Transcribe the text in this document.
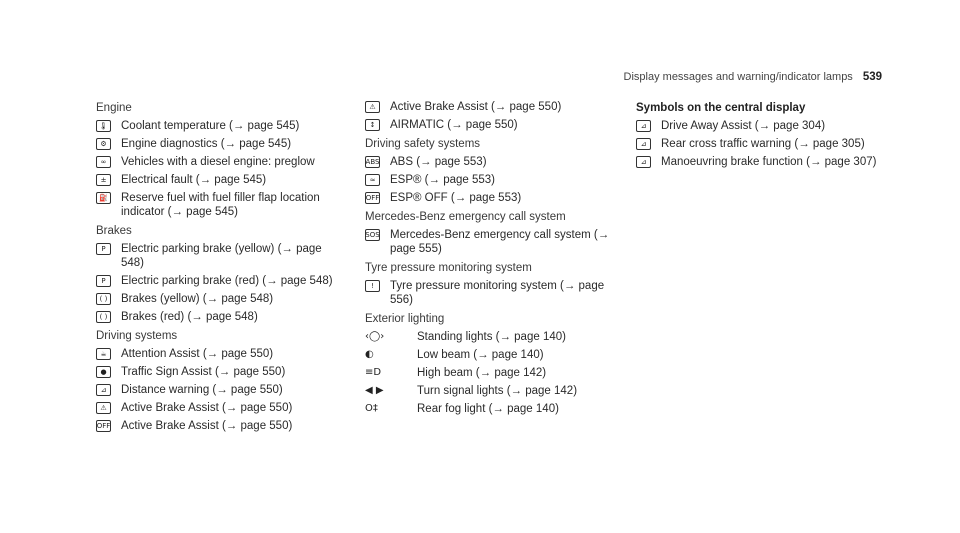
Display messages and warning/indicator lamps 539
Engine
🌡 Coolant temperature (→ page 545)
⚙	Engine diagnostics (→ page 545)
∞	Vehicles with a diesel engine: preglow
±	Electrical fault (→ page 545)
⛽ Reserve fuel with fuel filler flap location indicator (→ page 545)
Brakes
P	Electric parking brake (yellow) (→ page 548)
P	Electric parking brake (red) (→ page 548)
( )	Brakes (yellow) (→ page 548)
( )	Brakes (red) (→ page 548)
Driving systems
☕	Attention Assist (→ page 550)
●	Traffic Sign Assist (→ page 550)
⊿	Distance warning (→ page 550)
⚠	Active Brake Assist (→ page 550)
OFF Active Brake Assist (→ page 550)
⚠	Active Brake Assist (→ page 550)
↕	AIRMATIC (→ page 550)
Driving safety systems
ABS ABS (→ page 553)
≈	ESP® (→ page 553)
OFF ESP® OFF (→ page 553)
Mercedes-Benz emergency call system
SOS Mercedes-Benz emergency call system (→ page 555)
Tyre pressure monitoring system
!	Tyre pressure monitoring system (→ page 556)
Exterior lighting
‹◯›	Standing lights (→ page 140)
◐	Low beam (→ page 140)
≡D	High beam (→ page 142)
◀ ▶	Turn signal lights (→ page 142)
O‡	Rear fog light (→ page 140)
Symbols on the central display
⊿	Drive Away Assist (→ page 304)
⊿	Rear cross traffic warning (→ page 305)
⊿	Manoeuvring brake function (→ page 307)
